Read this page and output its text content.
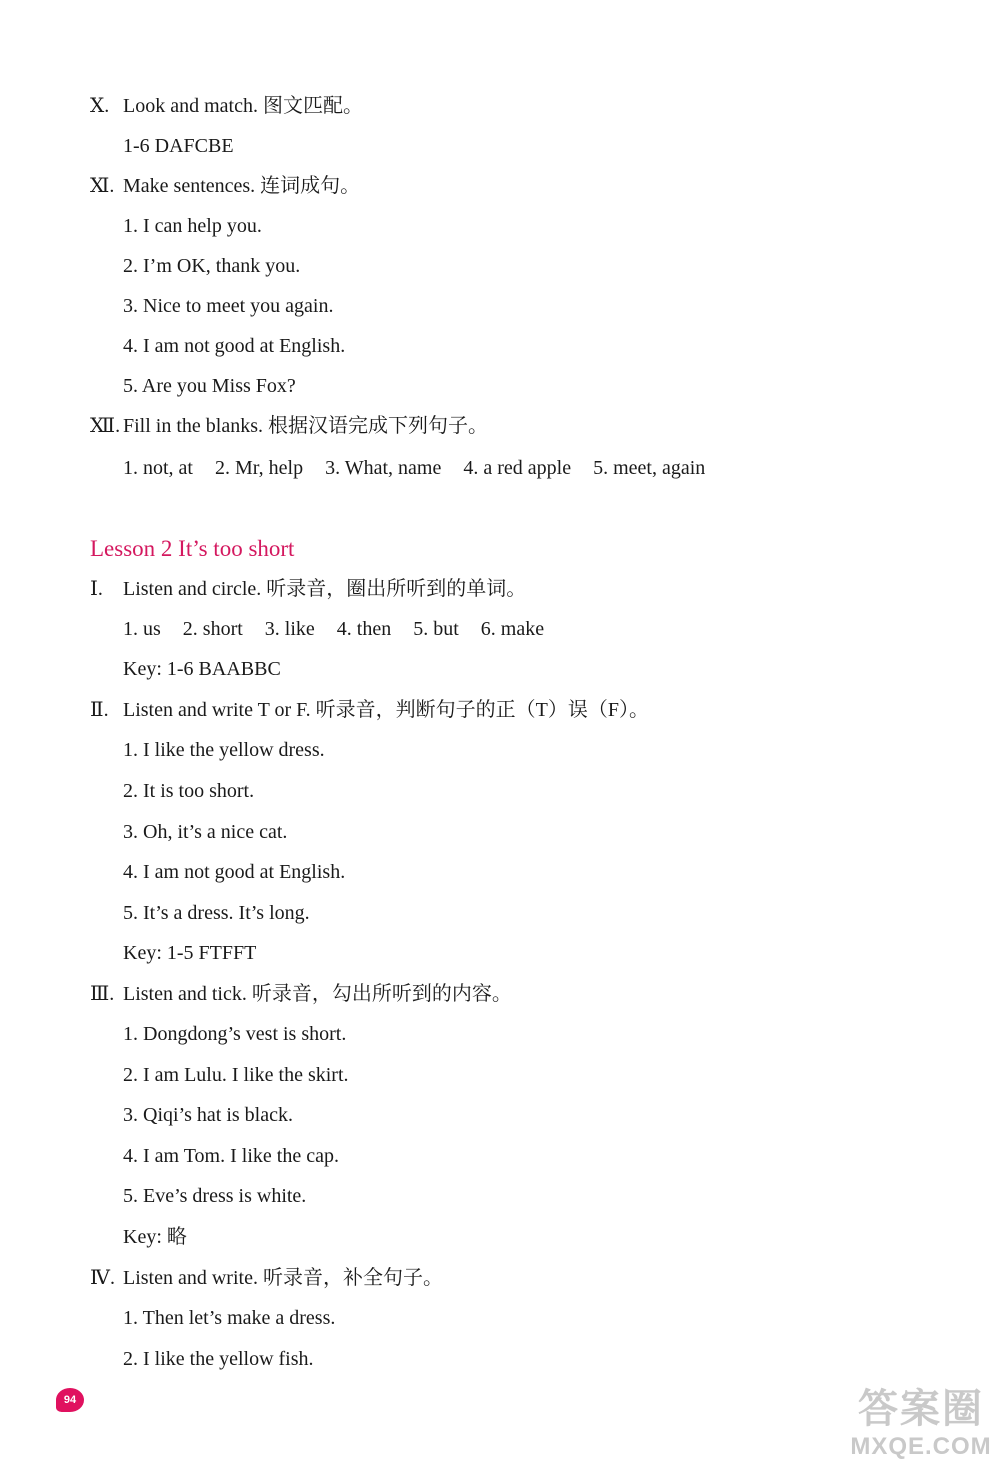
Ⅹ. Look and match. 图文匹配。
1-6 DAFCBE
Ⅺ. Make sentences. 连词成句。
1. I can help you.
2. I’m OK, thank you.
3. Nice to meet you again.
4. I am not good at English.
5. Are you Miss Fox?
Ⅻ. Fill in the blanks. 根据汉语完成下列句子。
1. not, at 2. Mr, help 3. What, name 4. a red apple 5. meet, again
Lesson 2 It’s too short
Ⅰ. Listen and circle. 听录音，圈出所听到的单词。
1. us 2. short 3. like 4. then 5. but 6. make
Key: 1-6 BAABBC
Ⅱ. Listen and write T or F. 听录音，判断句子的正（T）误（F）。
1. I like the yellow dress.
2. It is too short.
3. Oh, it’s a nice cat.
4. I am not good at English.
5. It’s a dress. It’s long.
Key: 1-5 FTFFT
Ⅲ. Listen and tick. 听录音，勾出所听到的内容。
1. Dongdong’s vest is short.
2. I am Lulu. I like the skirt.
3. Qiqi’s hat is black.
4. I am Tom. I like the cap.
5. Eve’s dress is white.
Key: 略
Ⅳ. Listen and write. 听录音，补全句子。
1. Then let’s make a dress.
2. I like the yellow fish.
94	答案圈
MXQE.COM
